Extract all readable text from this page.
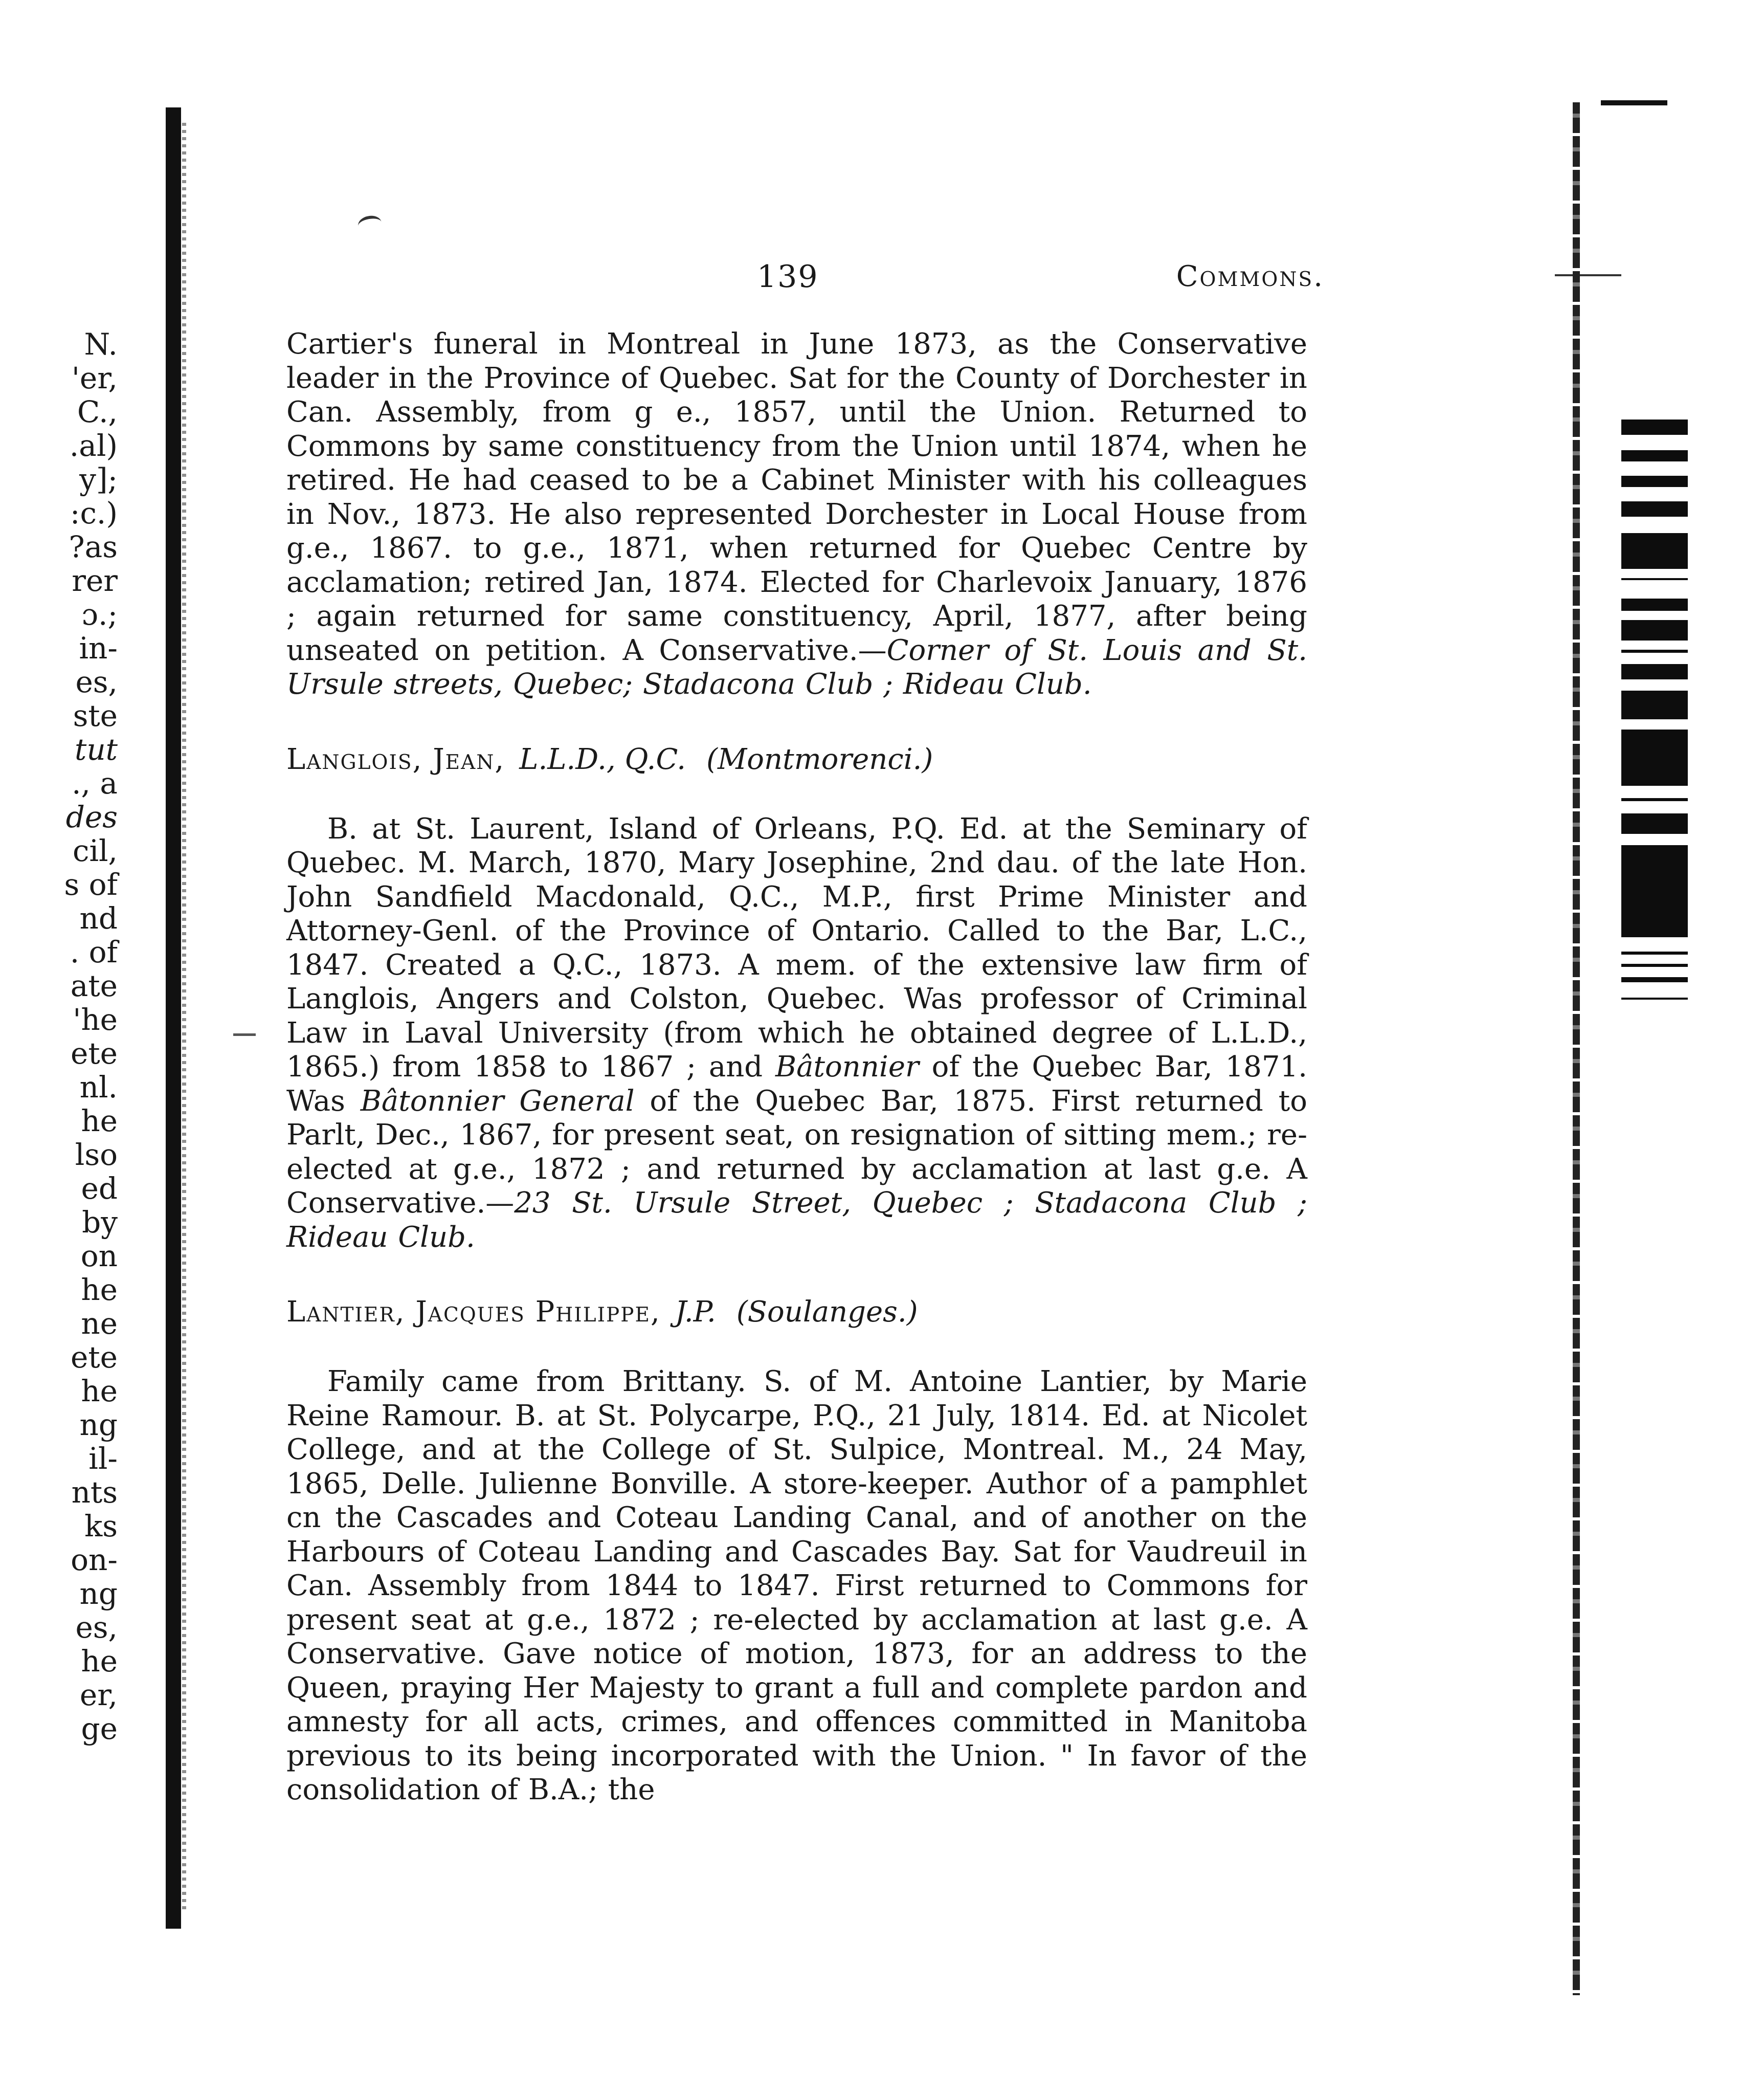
N.
'er,
C.,
.al)
y];
:c.)
?as
rer
ɔ.;
in-
es,
ste
tut
., a
des
cil,
s of
nd
. of
ate
'he
ete
nl.
he
lso
ed
by
on
he
ne
ete
he
ng
il-
nts
ks
on-
ng
es,
he
er,
ge
139	Commons.

Cartier's funeral in Montreal in June 1873, as the Conservative leader in the Province of Quebec. Sat for the County of Dorchester in Can. Assembly, from g e., 1857, until the Union. Returned to Commons by same constituency from the Union until 1874, when he retired. He had ceased to be a Cabinet Minister with his colleagues in Nov., 1873. He also represented Dorchester in Local House from g.e., 1867. to g.e., 1871, when returned for Quebec Centre by acclamation; retired Jan, 1874. Elected for Charlevoix January, 1876 ; again returned for same constituency, April, 1877, after being unseated on petition. A Conservative.—Corner of St. Louis and St. Ursule streets, Quebec; Stadacona Club ; Rideau Club.

Langlois, Jean, L.L.D., Q.C. (Montmorenci.)

B. at St. Laurent, Island of Orleans, P.Q. Ed. at the Seminary of Quebec. M. March, 1870, Mary Josephine, 2nd dau. of the late Hon. John Sandfield Macdonald, Q.C., M.P., first Prime Minister and Attorney-Genl. of the Province of Ontario. Called to the Bar, L.C., 1847. Created a Q.C., 1873. A mem. of the extensive law firm of Langlois, Angers and Colston, Quebec. Was professor of Criminal Law in Laval University (from which he obtained degree of L.L.D., 1865.) from 1858 to 1867 ; and Bâtonnier of the Quebec Bar, 1871. Was Bâtonnier General of the Quebec Bar, 1875. First returned to Parlt, Dec., 1867, for present seat, on resignation of sitting mem.; re-elected at g.e., 1872 ; and returned by acclamation at last g.e. A Conservative.—23 St. Ursule Street, Quebec ; Stadacona Club ; Rideau Club.

Lantier, Jacques Philippe, J.P. (Soulanges.)

Family came from Brittany. S. of M. Antoine Lantier, by Marie Reine Ramour. B. at St. Polycarpe, P.Q., 21 July, 1814. Ed. at Nicolet College, and at the College of St. Sulpice, Montreal. M., 24 May, 1865, Delle. Julienne Bonville. A store-keeper. Author of a pamphlet cn the Cascades and Coteau Landing Canal, and of another on the Harbours of Coteau Landing and Cascades Bay. Sat for Vaudreuil in Can. Assembly from 1844 to 1847. First returned to Commons for present seat at g.e., 1872 ; re-elected by acclamation at last g.e. A Conservative. Gave notice of motion, 1873, for an address to the Queen, praying Her Majesty to grant a full and complete pardon and amnesty for all acts, crimes, and offences committed in Manitoba previous to its being incorporated with the Union. " In favor of the consolidation of B.A.; the
